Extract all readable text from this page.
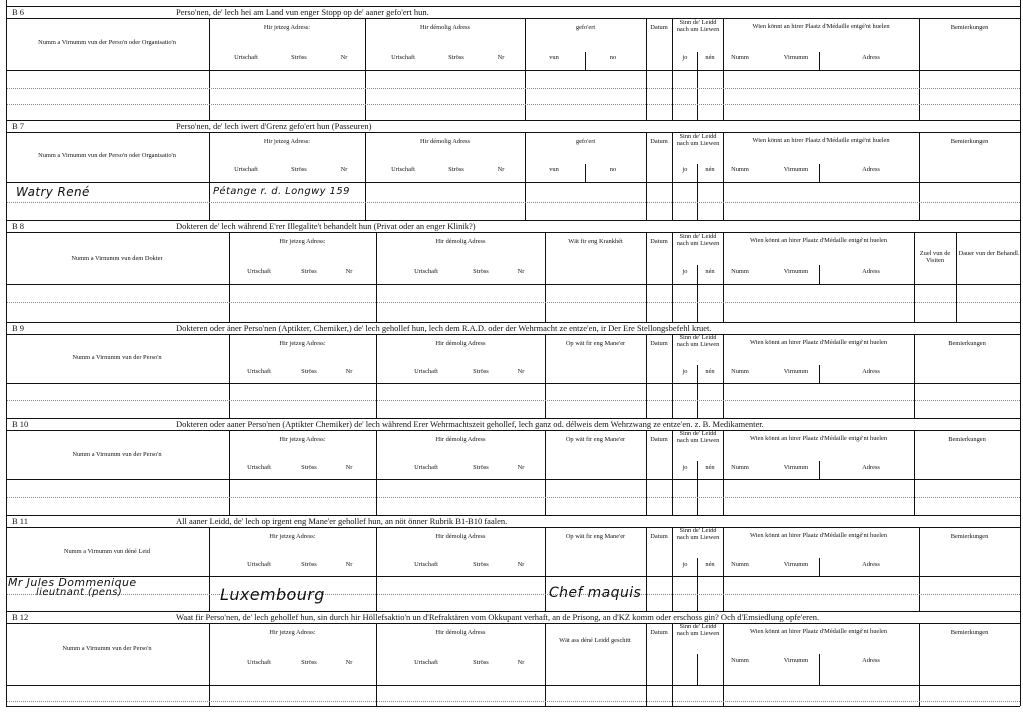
B 6	Perso'nen, de' lech hei am Land vun enger Stopp op de' aaner gefo'ert hun.
Numm a Virnumm vun der Perso'n oder Organisatio'n
Hir jetzeg Adress:
Urtschaft	Ströss	Nr
Hir démolig Adress
Urtschaft	Ströss	Nr
gefo'ert
vun	no
Datum
Sinn de' Leidd nach um Liewen
jo	nén
Wien könnt an hirer Plaatz d'Médaille entgé'nt huelen
Numm	Virnumm	Adress
Bemierkungen
B 7	Perso'nen, de' lech iwert d'Grenz gefo'ert hun (Passeuren)
Numm a Virnumm vun der Perso'n oder Organisatio'n
Hir jetzeg Adress:
Urtschaft	Ströss	Nr
Hir démolig Adress
Urtschaft	Ströss	Nr
gefo'ert
vun	no
Datum
Sinn de' Leidd nach um Liewen
jo	nén
Wien könnt an hirer Plaatz d'Médaille entgé'nt huelen
Numm	Virnumm	Adress
Bemierkungen
Watry René	Pétange r. d. Longwy 159
B 8	Dokteren de' lech während E'rer Illegalite't behandelt hun (Privat oder an enger Klinik?)
Numm a Virnumm vun dem Dokter
Hir jetzeg Adress:
Urtschaft	Ströss	Nr
Hir démolig Adress
Urtschaft	Ströss	Nr
Wät fir eng Krankhét	Datum
Sinn de' Leidd nach um Liewen
jo	nén
Wien könnt an hirer Plaatz d'Médaille entgé'nt huelen
Numm	Virnumm	Adress
Zuel vun de Visiten
Dauer vun der Behandl.
B 9	Dokteren oder äner Perso'nen (Aptikter, Chemiker,) de' lech gehollef hun, lech dem R.A.D. oder der Wehrmacht ze entze'en, ir Der Ere Stellongsbefehl kruet.
Numm a Virnumm vun der Perso'n
Hir jetzeg Adress:
Urtschaft	Ströss	Nr
Hir démolig Adress
Urtschaft	Ströss	Nr
Op wät fir eng Mane'er	Datum
Sinn de' Leidd nach um Liewen
jo	nén
Wien könnt an hirer Plaatz d'Médaille entgé'nt huelen
Numm	Virnumm	Adress
Bemierkungen
B 10	Dokteren oder aaner Perso'nen (Aptikter Chemiker) de' lech während Erer Wehrmachtszeit gehollef, lech ganz od. délweis dem Wehrzwang ze entze'en. z. B. Medikamenter.
Numm a Virnumm vun der Perso'n
Hir jetzeg Adress:
Urtschaft	Ströss	Nr
Hir démolig Adress
Urtschaft	Ströss	Nr
Op wät fir eng Mane'er	Datum
Sinn de' Leidd nach um Liewen
jo	nén
Wien könnt an hirer Plaatz d'Médaille entgé'nt huelen
Numm	Virnumm	Adress
Bemierkungen
B 11	All aaner Leidd, de' lech op irgent eng Mane'er gehollef hun, an nöt önner Rubrik B1-B10 faalen.
Numm a Virnumm vun déné Leid
Hir jetzeg Adress:
Urtschaft	Ströss	Nr
Hir démolig Adress
Urtschaft	Ströss	Nr
Op wät fir eng Mane'er	Datum
Sinn de' Leidd nach um Liewen
jo	nén
Wien könnt an hirer Plaatz d'Médaille entgé'nt huelen
Numm	Virnumm	Adress
Bemierkungen
Mr Jules Dommenique
lieutnant (pens)	Luxembourg	Chef maquis
B 12	Waat fir Perso'nen, de' lech gehollef hun, sin durch hir Höllefsaktio'n un d'Refraktären vom Okkupant verhaft, an de Prisong, an d'KZ komm oder erschoss gin? Och d'Emsiedlung opfe'eren.
Numm a Virnumm vun der Perso'n
Hir jetzeg Adress:
Urtschaft	Ströss	Nr
Hir démolig Adress
Urtschaft	Ströss	Nr
Wät ass déné Leidd geschitt
Datum
Sinn de' Leidd nach um Liewen	Wien könnt an hirer Plaatz d'Médaille entgé'nt huelen
Numm	Virnumm	Adress
Bemierkungen
